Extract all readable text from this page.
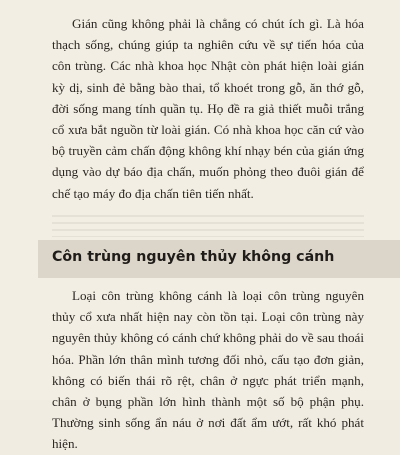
Gián cũng không phải là chẳng có chút ích gì. Là hóa thạch sống, chúng giúp ta nghiên cứu về sự tiến hóa của côn trùng. Các nhà khoa học Nhật còn phát hiện loài gián kỳ dị, sinh đẻ bằng bào thai, tổ khoét trong gỗ, ăn thớ gỗ, đời sống mang tính quần tụ. Họ đề ra giả thiết muỗi trắng cổ xưa bắt nguồn từ loài gián. Có nhà khoa học căn cứ vào bộ truyền cảm chấn động không khí nhạy bén của gián ứng dụng vào dự báo địa chấn, muốn phỏng theo đuôi gián để chế tạo máy đo địa chấn tiên tiến nhất.

Côn trùng nguyên thủy không cánh

Loại côn trùng không cánh là loại côn trùng nguyên thủy cổ xưa nhất hiện nay còn tồn tại. Loại côn trùng này nguyên thủy không có cánh chứ không phải do về sau thoái hóa. Phần lớn thân mình tương đối nhỏ, cấu tạo đơn giản, không có biến thái rõ rệt, chân ở ngực phát triển mạnh, chân ở bụng phần lớn hình thành một số bộ phận phụ. Thường sinh sống ẩn náu ở nơi đất ẩm ướt, rất khó phát hiện.
